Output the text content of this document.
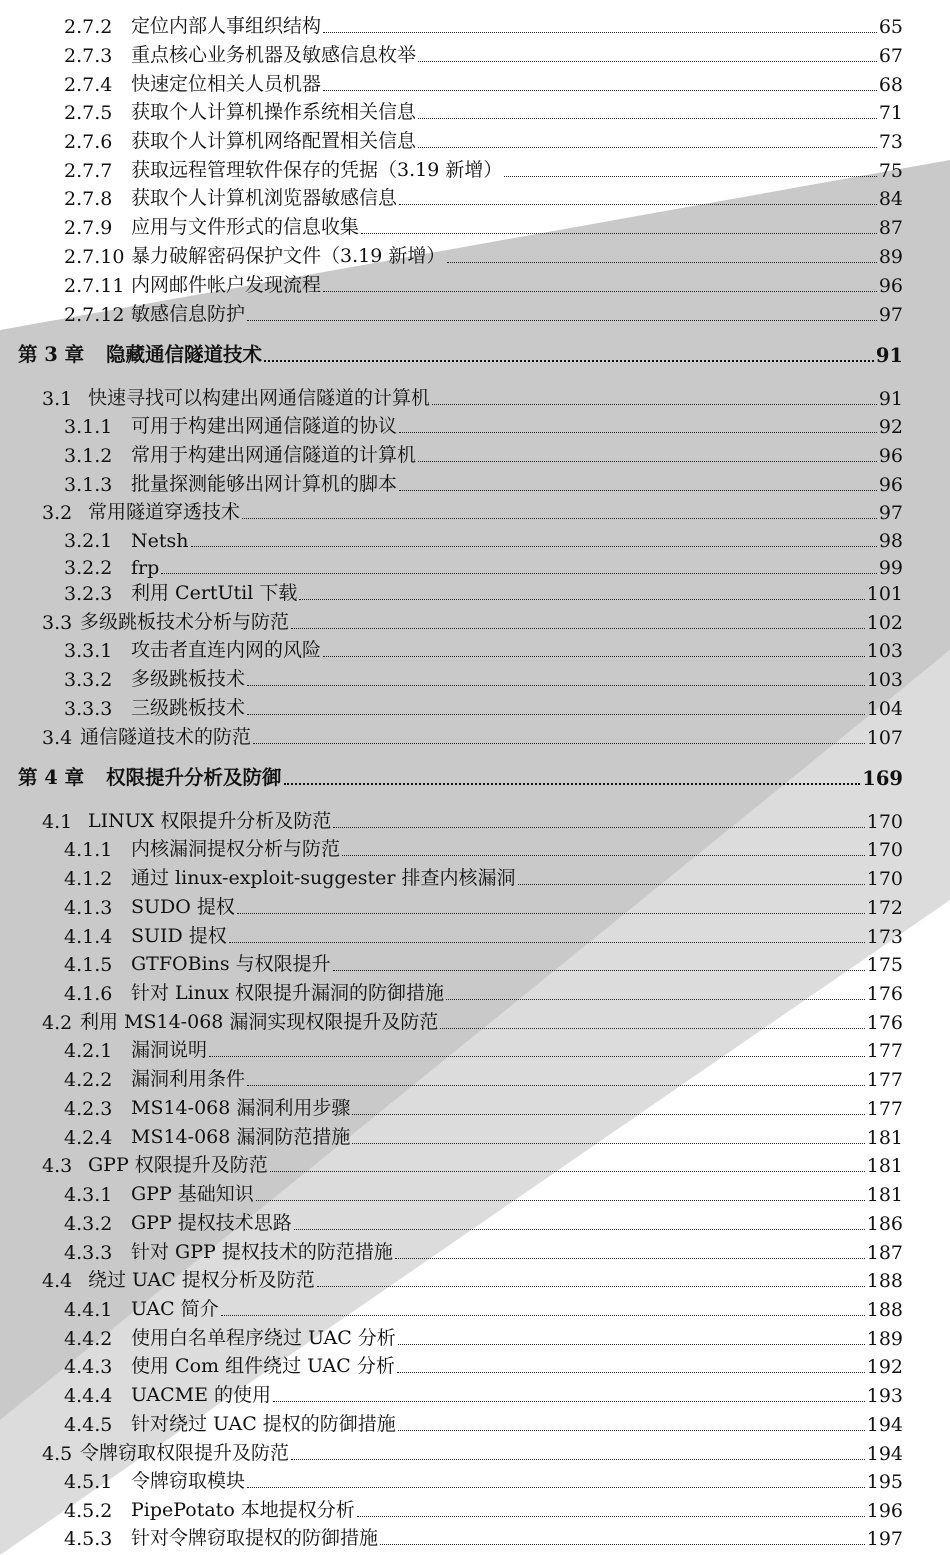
2.7.2 定位内部人事组织结构	65
2.7.3 重点核心业务机器及敏感信息枚举	67
2.7.4 快速定位相关人员机器	68
2.7.5 获取个人计算机操作系统相关信息	71
2.7.6 获取个人计算机网络配置相关信息	73
2.7.7 获取远程管理软件保存的凭据（3.19 新增）	75
2.7.8 获取个人计算机浏览器敏感信息	84
2.7.9 应用与文件形式的信息收集	87
2.7.10 暴力破解密码保护文件（3.19 新增）	89
2.7.11 内网邮件帐户发现流程	96
2.7.12 敏感信息防护	97
第 3 章	隐藏通信隧道技术	91
3.1 快速寻找可以构建出网通信隧道的计算机	91
3.1.1 可用于构建出网通信隧道的协议	92
3.1.2 常用于构建出网通信隧道的计算机	96
3.1.3 批量探测能够出网计算机的脚本	96
3.2 常用隧道穿透技术	97
3.2.1 Netsh	98
3.2.2 frp	99
3.2.3 利用 CertUtil 下载	101
3.3 多级跳板技术分析与防范	102
3.3.1 攻击者直连内网的风险	103
3.3.2 多级跳板技术	103
3.3.3 三级跳板技术	104
3.4 通信隧道技术的防范	107
第 4 章	权限提升分析及防御	169
4.1 LINUX 权限提升分析及防范	170
4.1.1 内核漏洞提权分析与防范	170
4.1.2 通过 linux-exploit-suggester 排查内核漏洞	170
4.1.3 SUDO 提权	172
4.1.4 SUID 提权	173
4.1.5 GTFOBins 与权限提升	175
4.1.6 针对 Linux 权限提升漏洞的防御措施	176
4.2 利用 MS14-068 漏洞实现权限提升及防范	176
4.2.1 漏洞说明	177
4.2.2 漏洞利用条件	177
4.2.3 MS14-068 漏洞利用步骤	177
4.2.4 MS14-068 漏洞防范措施	181
4.3 GPP 权限提升及防范	181
4.3.1 GPP 基础知识	181
4.3.2 GPP 提权技术思路	186
4.3.3 针对 GPP 提权技术的防范措施	187
4.4 绕过 UAC 提权分析及防范	188
4.4.1 UAC 简介	188
4.4.2 使用白名单程序绕过 UAC 分析	189
4.4.3 使用 Com 组件绕过 UAC 分析	192
4.4.4 UACME 的使用	193
4.4.5 针对绕过 UAC 提权的防御措施	194
4.5 令牌窃取权限提升及防范	194
4.5.1 令牌窃取模块	195
4.5.2 PipePotato 本地提权分析	196
4.5.3 针对令牌窃取提权的防御措施	197
